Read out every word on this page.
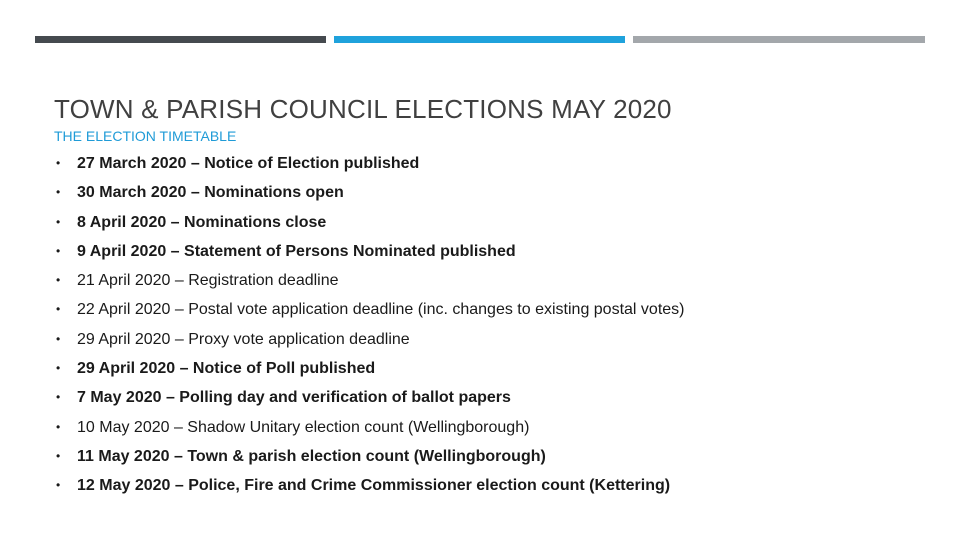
TOWN & PARISH COUNCIL ELECTIONS MAY 2020
THE ELECTION TIMETABLE
•	27 March 2020 – Notice of Election published
•	30 March 2020 – Nominations open
•	8 April 2020 – Nominations close
•	9 April 2020 – Statement of Persons Nominated published
•	21 April 2020 – Registration deadline
•	22 April 2020 – Postal vote application deadline (inc. changes to existing postal votes)
•	29 April 2020 – Proxy vote application deadline
•	29 April 2020 – Notice of Poll published
•	7 May 2020 – Polling day and verification of ballot papers
•	10 May 2020 – Shadow Unitary election count (Wellingborough)
•	11 May 2020 – Town & parish election count (Wellingborough)
•	12 May 2020 – Police, Fire and Crime Commissioner election count (Kettering)
